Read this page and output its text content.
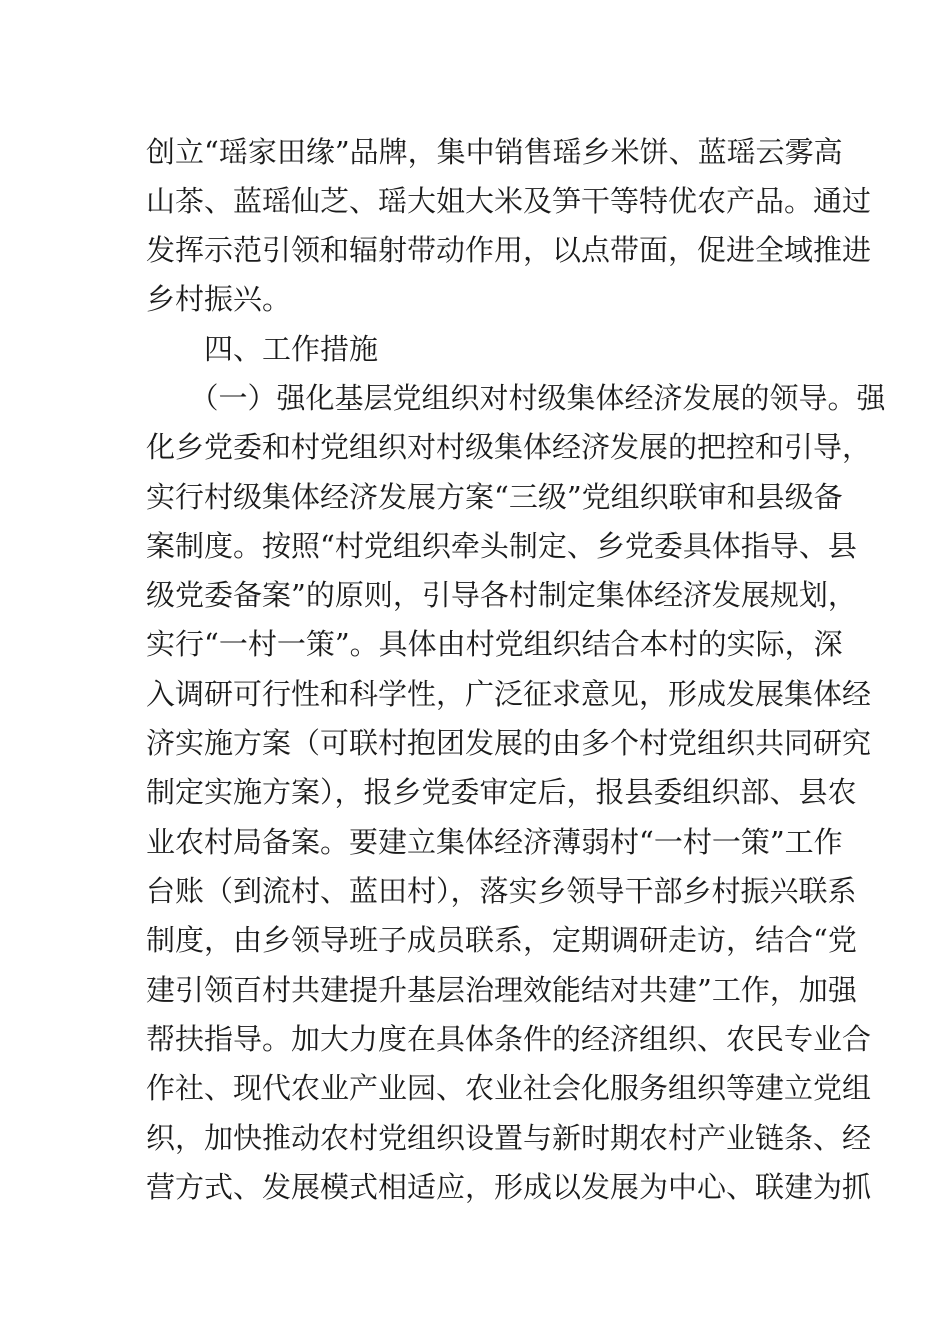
创立“瑶家田缘”品牌，集中销售瑶乡米饼、蓝瑶云雾高
山茶、蓝瑶仙芝、瑶大姐大米及笋干等特优农产品。通过
发挥示范引领和辐射带动作用，以点带面，促进全域推进
乡村振兴。
　　四、工作措施
　　（一）强化基层党组织对村级集体经济发展的领导。强
化乡党委和村党组织对村级集体经济发展的把控和引导，
实行村级集体经济发展方案“三级”党组织联审和县级备
案制度。按照“村党组织牵头制定、乡党委具体指导、县
级党委备案”的原则，引导各村制定集体经济发展规划，
实行“一村一策”。具体由村党组织结合本村的实际，深
入调研可行性和科学性，广泛征求意见，形成发展集体经
济实施方案（可联村抱团发展的由多个村党组织共同研究
制定实施方案），报乡党委审定后，报县委组织部、县农
业农村局备案。要建立集体经济薄弱村“一村一策”工作
台账（到流村、蓝田村），落实乡领导干部乡村振兴联系
制度，由乡领导班子成员联系，定期调研走访，结合“党
建引领百村共建提升基层治理效能结对共建”工作，加强
帮扶指导。加大力度在具体条件的经济组织、农民专业合
作社、现代农业产业园、农业社会化服务组织等建立党组
织，加快推动农村党组织设置与新时期农村产业链条、经
营方式、发展模式相适应，形成以发展为中心、联建为抓
